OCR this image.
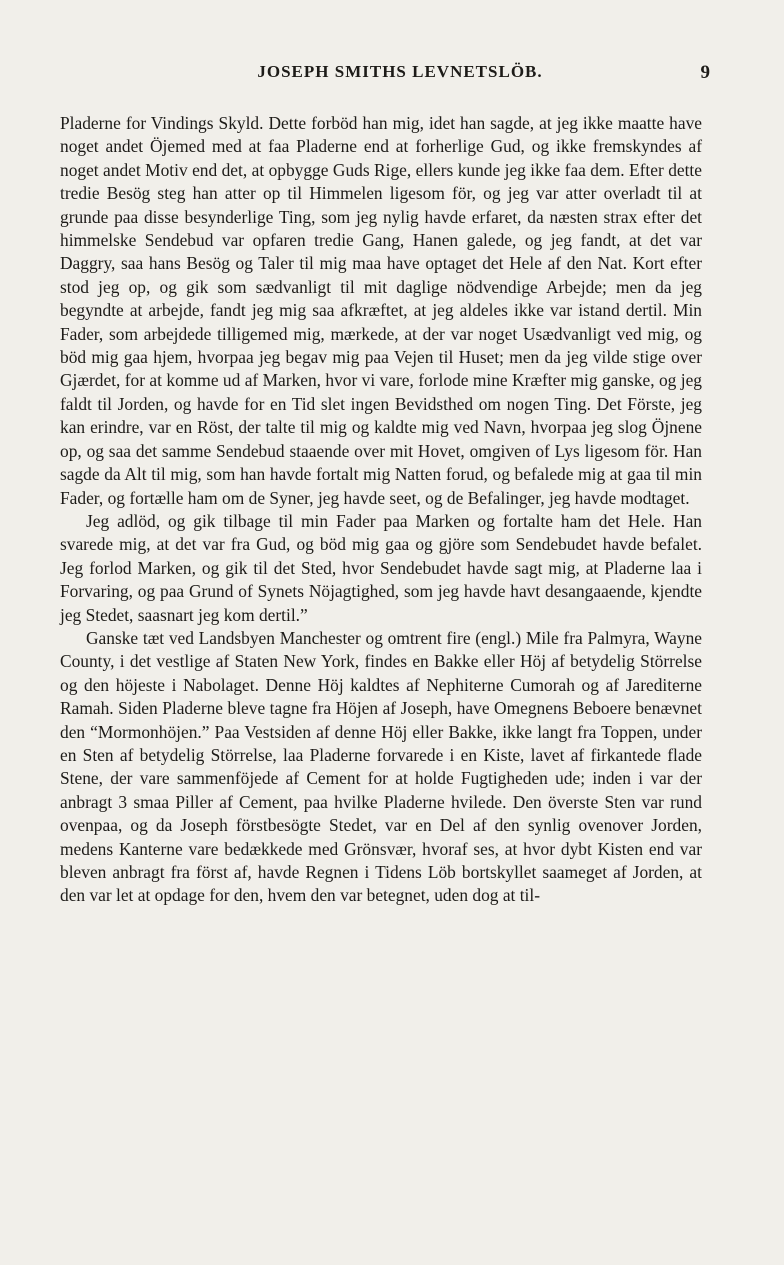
JOSEPH SMITHS LEVNETSLÖB.	9

Pladerne for Vindings Skyld. Dette forböd han mig, idet han sagde, at jeg ikke maatte have noget andet Öjemed med at faa Pladerne end at forherlige Gud, og ikke fremskyndes af noget andet Motiv end det, at opbygge Guds Rige, ellers kunde jeg ikke faa dem. Efter dette tredie Besög steg han atter op til Himmelen ligesom för, og jeg var atter overladt til at grunde paa disse besynderlige Ting, som jeg nylig havde erfaret, da næsten strax efter det himmelske Sendebud var opfaren tredie Gang, Hanen galede, og jeg fandt, at det var Daggry, saa hans Besög og Taler til mig maa have optaget det Hele af den Nat. Kort efter stod jeg op, og gik som sædvanligt til mit daglige nödvendige Arbejde; men da jeg begyndte at arbejde, fandt jeg mig saa afkræftet, at jeg aldeles ikke var istand dertil. Min Fader, som arbejdede tilligemed mig, mærkede, at der var noget Usædvanligt ved mig, og böd mig gaa hjem, hvorpaa jeg begav mig paa Vejen til Huset; men da jeg vilde stige over Gjærdet, for at komme ud af Marken, hvor vi vare, forlode mine Kræfter mig ganske, og jeg faldt til Jorden, og havde for en Tid slet ingen Bevidsthed om nogen Ting. Det Förste, jeg kan erindre, var en Röst, der talte til mig og kaldte mig ved Navn, hvorpaa jeg slog Öjnene op, og saa det samme Sendebud staaende over mit Hovet, omgiven of Lys ligesom för. Han sagde da Alt til mig, som han havde fortalt mig Natten forud, og befalede mig at gaa til min Fader, og fortælle ham om de Syner, jeg havde seet, og de Befalinger, jeg havde modtaget.

Jeg adlöd, og gik tilbage til min Fader paa Marken og fortalte ham det Hele. Han svarede mig, at det var fra Gud, og böd mig gaa og gjöre som Sendebudet havde befalet. Jeg forlod Marken, og gik til det Sted, hvor Sendebudet havde sagt mig, at Pladerne laa i Forvaring, og paa Grund of Synets Nöjagtighed, som jeg havde havt desangaaende, kjendte jeg Stedet, saasnart jeg kom dertil.”

Ganske tæt ved Landsbyen Manchester og omtrent fire (engl.) Mile fra Palmyra, Wayne County, i det vestlige af Staten New York, findes en Bakke eller Höj af betydelig Störrelse og den höjeste i Nabolaget. Denne Höj kaldtes af Nephiterne Cumorah og af Jarediterne Ramah. Siden Pladerne bleve tagne fra Höjen af Joseph, have Omegnens Beboere benævnet den “Mormonhöjen.” Paa Vestsiden af denne Höj eller Bakke, ikke langt fra Toppen, under en Sten af betydelig Störrelse, laa Pladerne forvarede i en Kiste, lavet af firkantede flade Stene, der vare sammenföjede af Cement for at holde Fugtigheden ude; inden i var der anbragt 3 smaa Piller af Cement, paa hvilke Pladerne hvilede. Den överste Sten var rund ovenpaa, og da Joseph förstbesögte Stedet, var en Del af den synlig ovenover Jorden, medens Kanterne vare bedækkede med Grönsvær, hvoraf ses, at hvor dybt Kisten end var bleven anbragt fra först af, havde Regnen i Tidens Löb bortskyllet saameget af Jorden, at den var let at opdage for den, hvem den var betegnet, uden dog at til-
